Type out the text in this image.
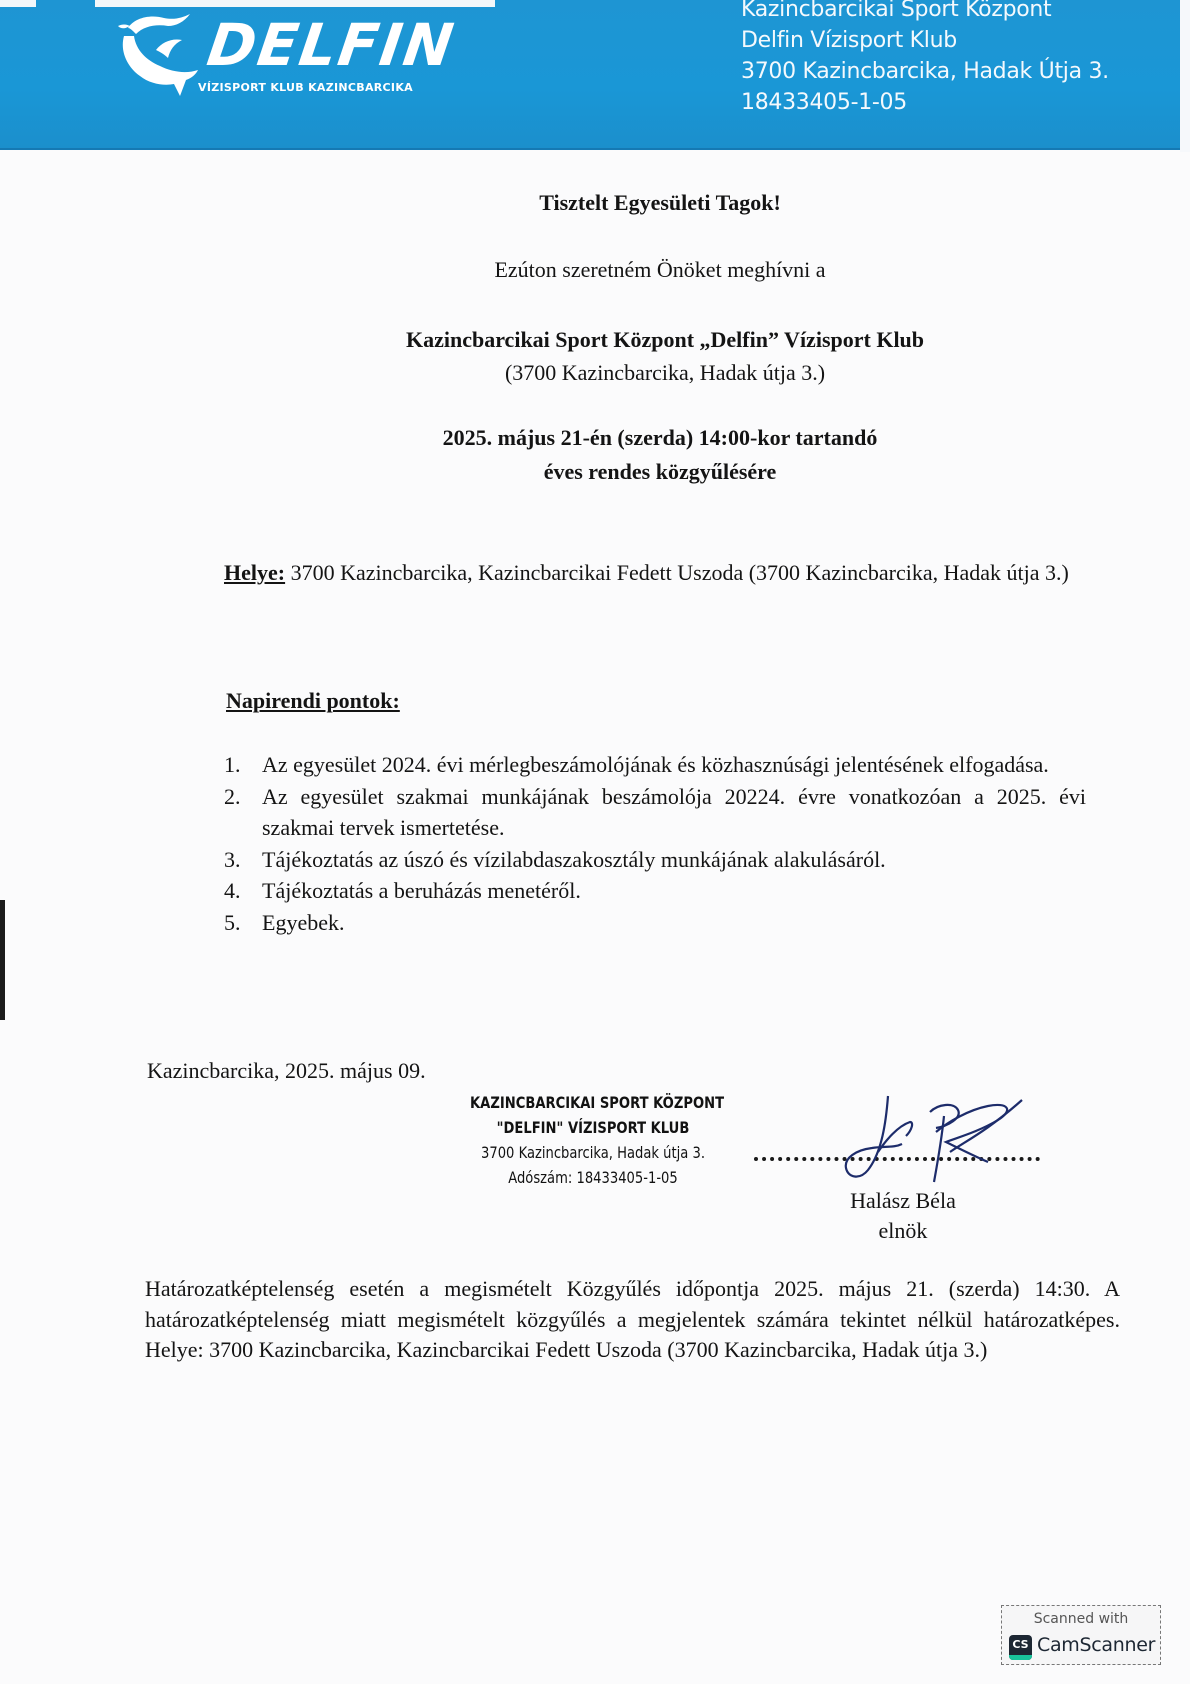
DELFIN
VÍZISPORT KLUB KAZINCBARCIKA
Kazincbarcikai Sport Központ
Delfin Vízisport Klub
3700 Kazincbarcika, Hadak Útja 3.
18433405-1-05
Tisztelt Egyesületi Tagok!
Ezúton szeretném Önöket meghívni a
Kazincbarcikai Sport Központ „Delfin” Vízisport Klub
(3700 Kazincbarcika, Hadak útja 3.)
2025. május 21-én (szerda) 14:00-kor tartandó
éves rendes közgyűlésére
Helye: 3700 Kazincbarcika, Kazincbarcikai Fedett Uszoda (3700 Kazincbarcika, Hadak útja 3.)
Napirendi pontok:
1. Az egyesület 2024. évi mérlegbeszámolójának és közhasznúsági jelentésének elfogadása.
2. Az egyesület szakmai munkájának beszámolója 20224. évre vonatkozóan a 2025. évi szakmai tervek ismertetése.
3. Tájékoztatás az úszó és vízilabdaszakosztály munkájának alakulásáról.
4. Tájékoztatás a beruházás menetéről.
5. Egyebek.
Kazincbarcika, 2025. május 09.
KAZINCBARCIKAI SPORT KÖZPONT
"DELFIN" VÍZISPORT KLUB
3700 Kazincbarcika, Hadak útja 3.
Adószám: 18433405-1-05
Halász Béla
elnök
Határozatképtelenség esetén a megismételt Közgyűlés időpontja 2025. május 21. (szerda) 14:30. A határozatképtelenség miatt megismételt közgyűlés a megjelentek számára tekintet nélkül határozatképes. Helye: 3700 Kazincbarcika, Kazincbarcikai Fedett Uszoda (3700 Kazincbarcika, Hadak útja 3.)
Scanned with
CS CamScanner
